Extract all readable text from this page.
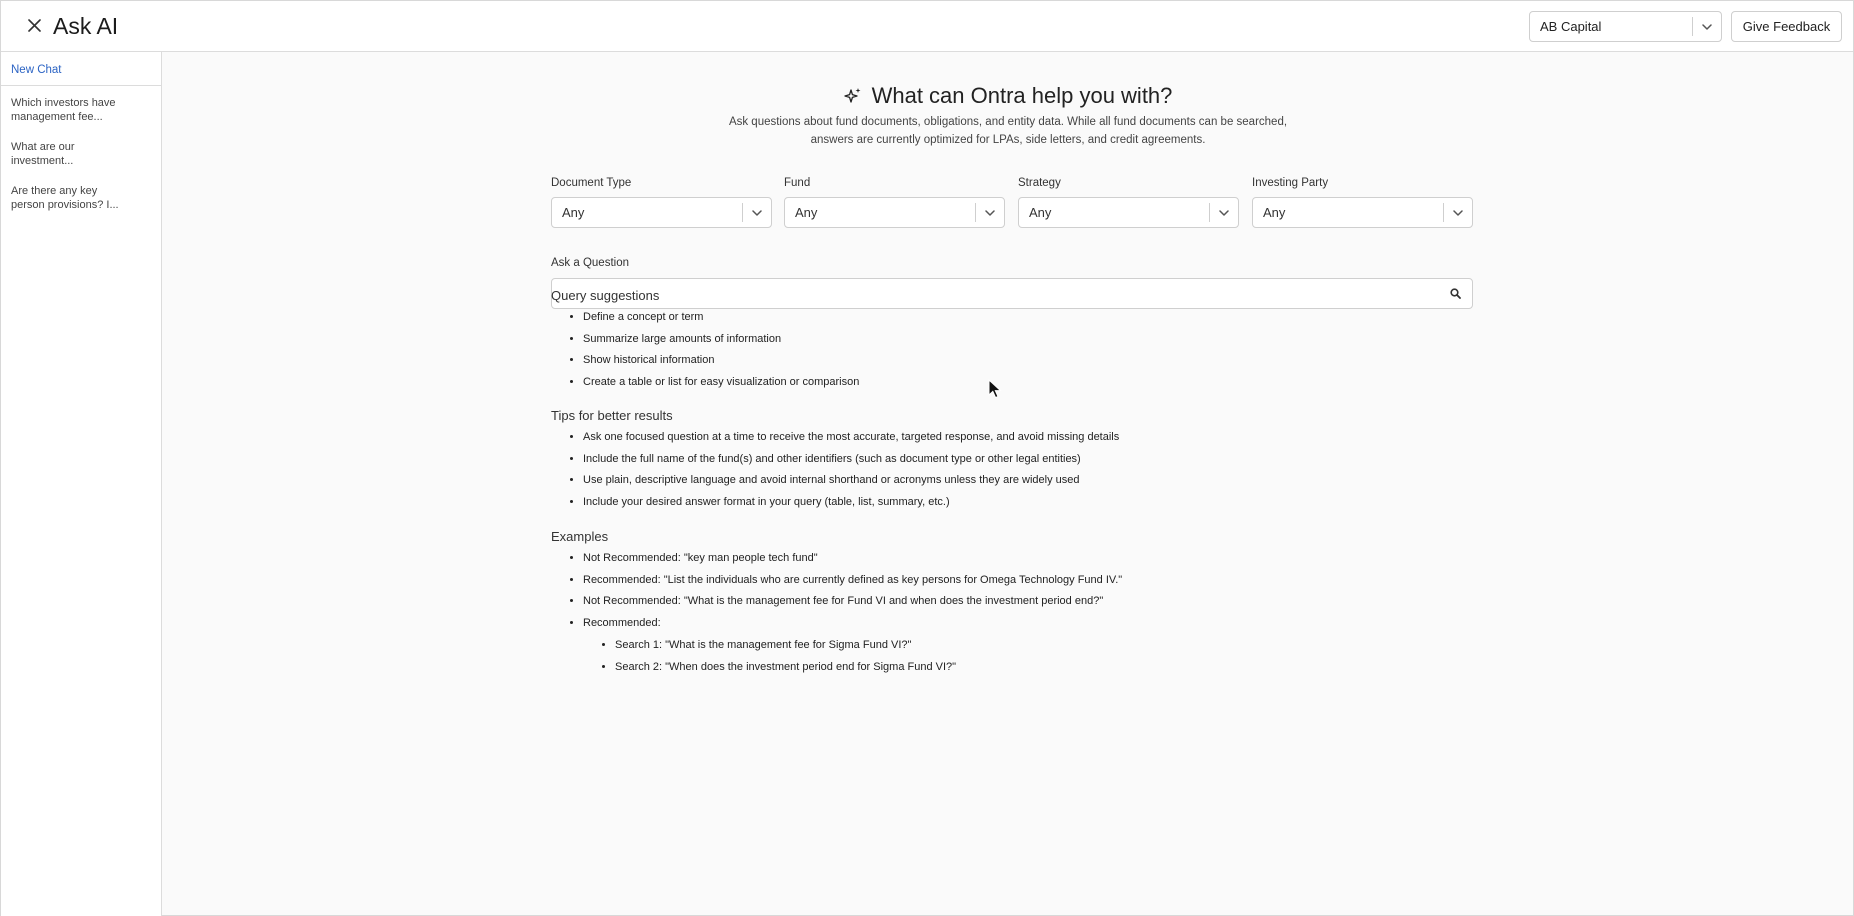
Ask AI	AB Capital	Give Feedback
New Chat
Which investors have
management fee...
What are our
investment...
Are there any key
person provisions? I...
What can Ontra help you with?
Ask questions about fund documents, obligations, and entity data. While all fund documents can be searched,
answers are currently optimized for LPAs, side letters, and credit agreements.
Document Type
Any
Fund
Any
Strategy
Any
Investing Party
Any
Ask a Question
Query suggestions
• Define a concept or term
• Summarize large amounts of information
• Show historical information
• Create a table or list for easy visualization or comparison
Tips for better results
• Ask one focused question at a time to receive the most accurate, targeted response, and avoid missing details
• Include the full name of the fund(s) and other identifiers (such as document type or other legal entities)
• Use plain, descriptive language and avoid internal shorthand or acronyms unless they are widely used
• Include your desired answer format in your query (table, list, summary, etc.)
Examples
• Not Recommended: "key man people tech fund"
• Recommended: "List the individuals who are currently defined as key persons for Omega Technology Fund IV."
• Not Recommended: "What is the management fee for Fund VI and when does the investment period end?"
• Recommended:
• Search 1: "What is the management fee for Sigma Fund VI?"
• Search 2: "When does the investment period end for Sigma Fund VI?"
